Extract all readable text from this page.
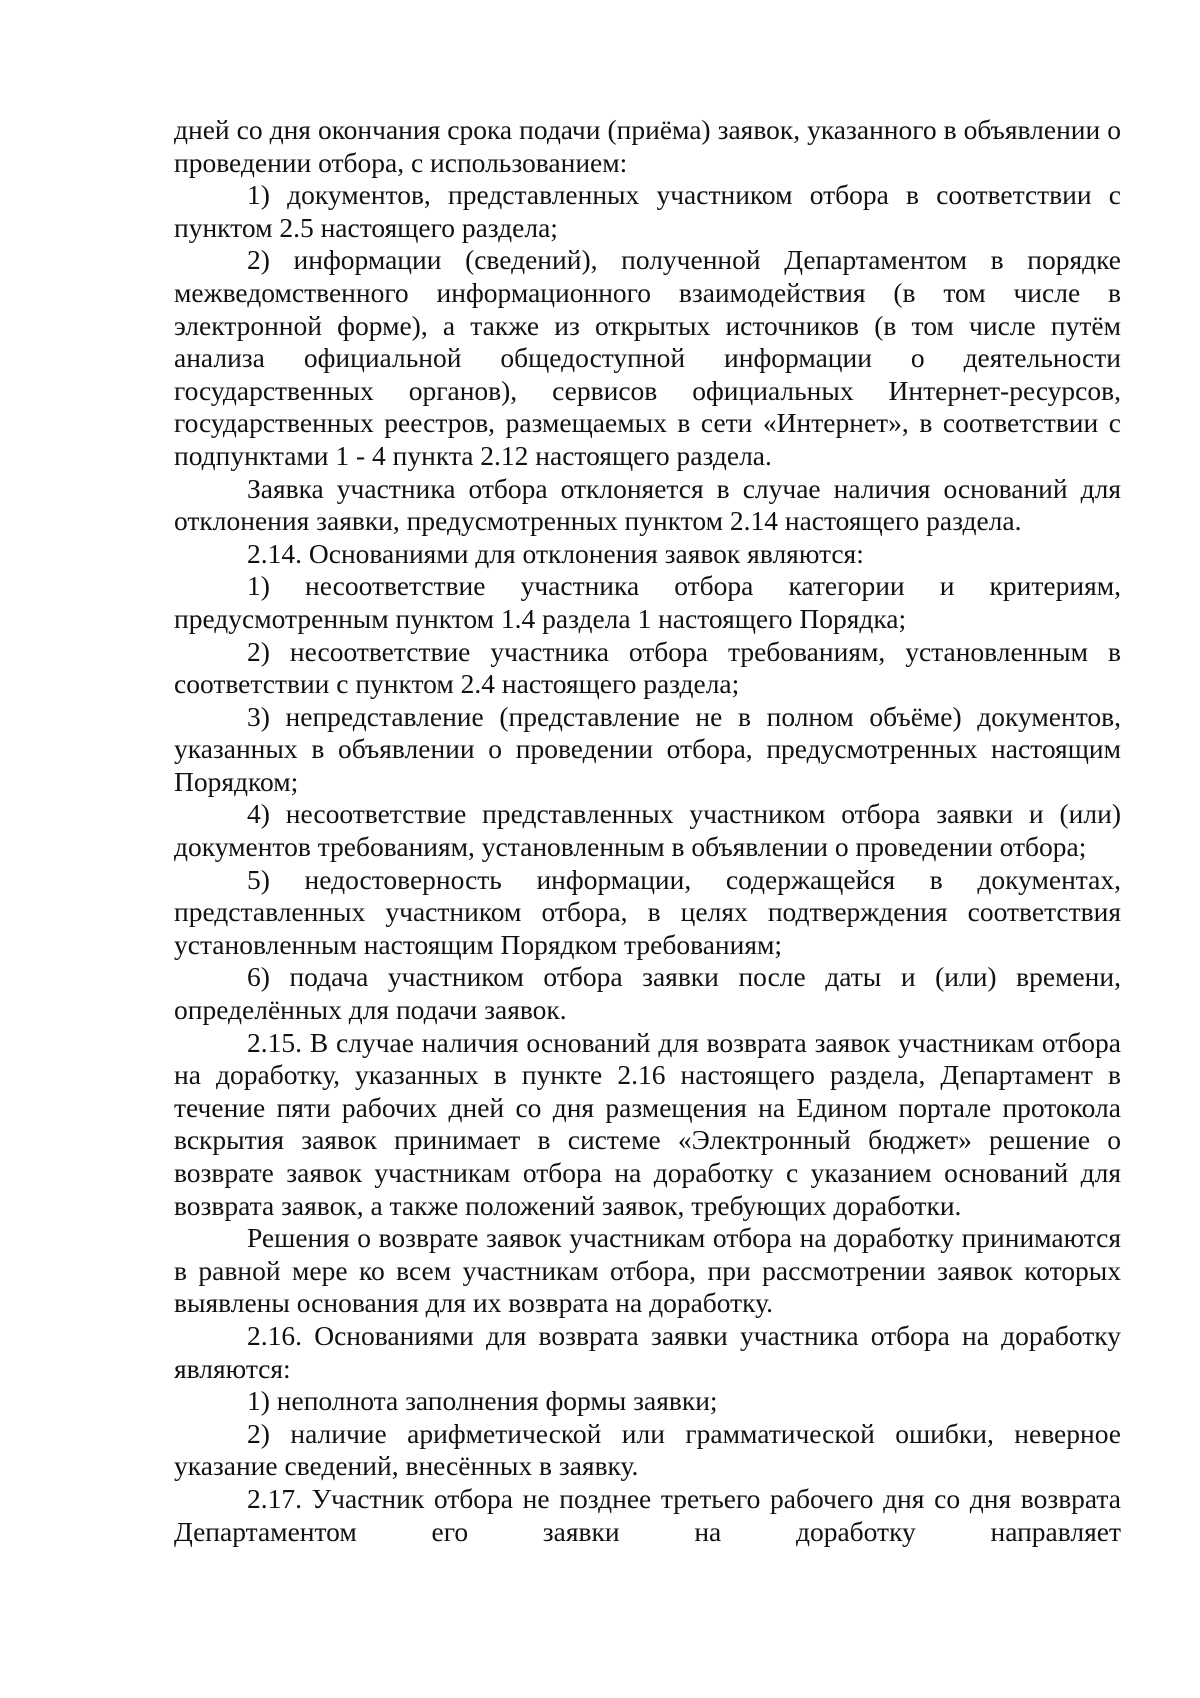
дней со дня окончания срока подачи (приёма) заявок, указанного в объявлении о проведении отбора, с использованием:

1) документов, представленных участником отбора в соответствии с пунктом 2.5 настоящего раздела;

2) информации (сведений), полученной Департаментом в порядке межведомственного информационного взаимодействия (в том числе в электронной форме), а также из открытых источников (в том числе путём анализа официальной общедоступной информации о деятельности государственных органов), сервисов официальных Интернет-ресурсов, государственных реестров, размещаемых в сети «Интернет», в соответствии с подпунктами 1 - 4 пункта 2.12 настоящего раздела.

Заявка участника отбора отклоняется в случае наличия оснований для отклонения заявки, предусмотренных пунктом 2.14 настоящего раздела.

2.14. Основаниями для отклонения заявок являются:

1) несоответствие участника отбора категории и критериям, предусмотренным пунктом 1.4 раздела 1 настоящего Порядка;

2) несоответствие участника отбора требованиям, установленным в соответствии с пунктом 2.4 настоящего раздела;

3) непредставление (представление не в полном объёме) документов, указанных в объявлении о проведении отбора, предусмотренных настоящим Порядком;

4) несоответствие представленных участником отбора заявки и (или) документов требованиям, установленным в объявлении о проведении отбора;

5) недостоверность информации, содержащейся в документах, представленных участником отбора, в целях подтверждения соответствия установленным настоящим Порядком требованиям;

6) подача участником отбора заявки после даты и (или) времени, определённых для подачи заявок.

2.15. В случае наличия оснований для возврата заявок участникам отбора на доработку, указанных в пункте 2.16 настоящего раздела, Департамент в течение пяти рабочих дней со дня размещения на Едином портале протокола вскрытия заявок принимает в системе «Электронный бюджет» решение о возврате заявок участникам отбора на доработку с указанием оснований для возврата заявок, а также положений заявок, требующих доработки.

Решения о возврате заявок участникам отбора на доработку принимаются в равной мере ко всем участникам отбора, при рассмотрении заявок которых выявлены основания для их возврата на доработку.

2.16. Основаниями для возврата заявки участника отбора на доработку являются:

1) неполнота заполнения формы заявки;

2) наличие арифметической или грамматической ошибки, неверное указание сведений, внесённых в заявку.

2.17. Участник отбора не позднее третьего рабочего дня со дня возврата Департаментом его заявки на доработку направляет
